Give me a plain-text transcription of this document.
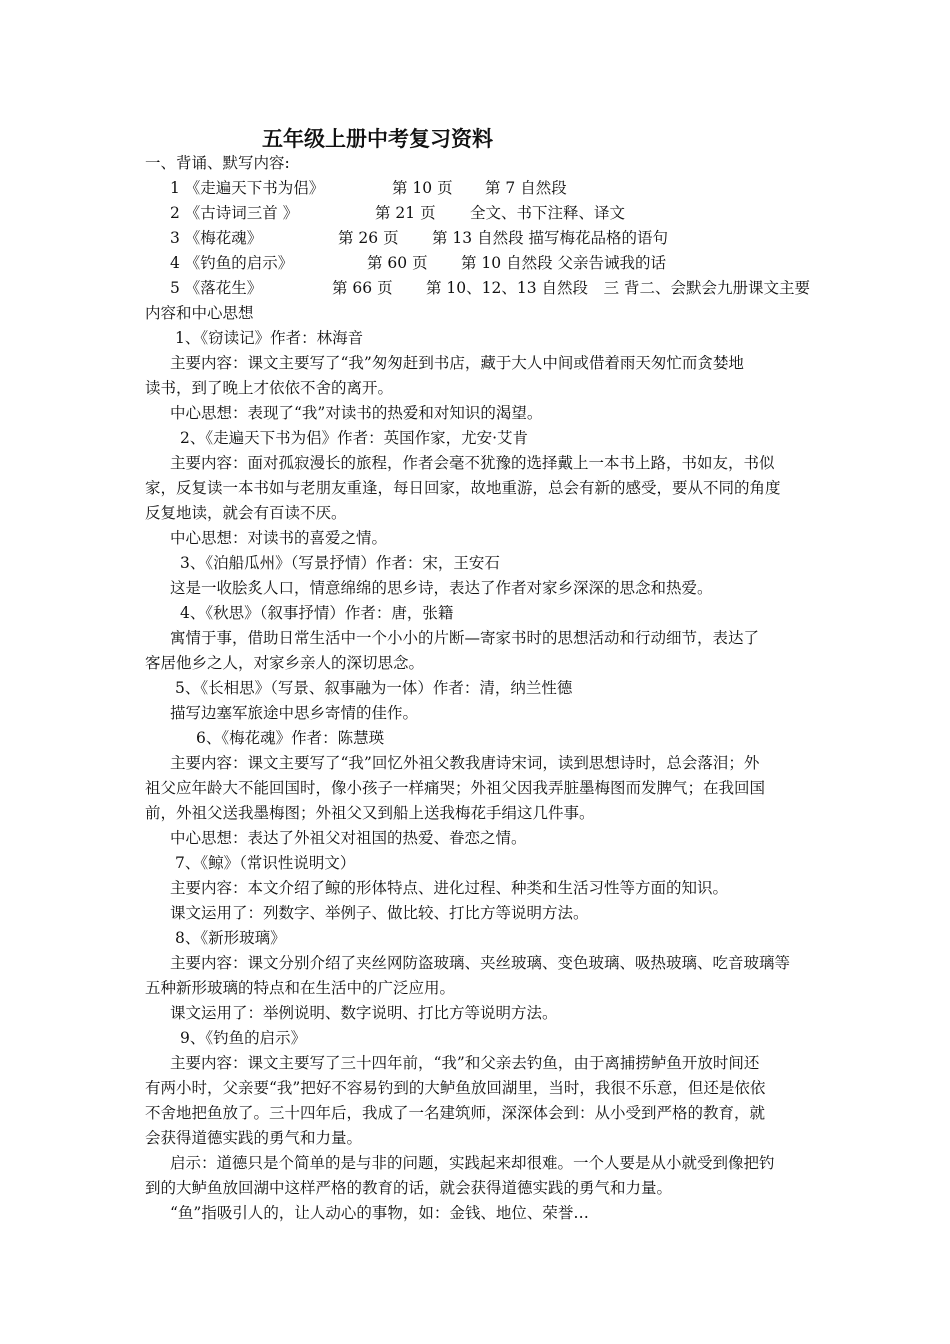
五年级上册中考复习资料
一、背诵、默写内容:
1 《走遍天下书为侣》	第 10 页 第 7 自然段
2 《古诗词三首 》	第 21 页 全文、书下注释、译文
3 《梅花魂》	第 26 页 第 13 自然段 描写梅花品格的语句
4 《钓鱼的启示》	第 60 页 第 10 自然段 父亲告诫我的话
5 《落花生》	第 66 页 第 10、12、13 自然段　三 背二、会默会九册课文主要
内容和中心思想
1、《窃读记》作者：林海音
主要内容：课文主要写了“我”匆匆赶到书店，藏于大人中间或借着雨天匆忙而贪婪地
读书，到了晚上才依依不舍的离开。
中心思想：表现了“我”对读书的热爱和对知识的渴望。
2、《走遍天下书为侣》作者：英国作家，尤安·艾肯
主要内容：面对孤寂漫长的旅程，作者会毫不犹豫的选择戴上一本书上路，书如友，书似
家，反复读一本书如与老朋友重逢，每日回家，故地重游，总会有新的感受，要从不同的角度
反复地读，就会有百读不厌。
中心思想：对读书的喜爱之情。
3、《泊船瓜州》（写景抒情）作者：宋，王安石
这是一收脍炙人口，情意绵绵的思乡诗，表达了作者对家乡深深的思念和热爱。
4、《秋思》（叙事抒情）作者：唐，张籍
寓情于事，借助日常生活中一个小小的片断—寄家书时的思想活动和行动细节，表达了
客居他乡之人，对家乡亲人的深切思念。
5、《长相思》（写景、叙事融为一体）作者：清，纳兰性德
描写边塞军旅途中思乡寄情的佳作。
6、《梅花魂》作者：陈慧瑛
主要内容：课文主要写了“我”回忆外祖父教我唐诗宋词，读到思想诗时，总会落泪；外
祖父应年龄大不能回国时，像小孩子一样痛哭；外祖父因我弄脏墨梅图而发脾气；在我回国
前，外祖父送我墨梅图；外祖父又到船上送我梅花手绢这几件事。
中心思想：表达了外祖父对祖国的热爱、眷恋之情。
7、《鲸》（常识性说明文）
主要内容：本文介绍了鲸的形体特点、进化过程、种类和生活习性等方面的知识。
课文运用了：列数字、举例子、做比较、打比方等说明方法。
8、《新形玻璃》
主要内容：课文分别介绍了夹丝网防盗玻璃、夹丝玻璃、变色玻璃、吸热玻璃、吃音玻璃等
五种新形玻璃的特点和在生活中的广泛应用。
课文运用了：举例说明、数字说明、打比方等说明方法。
9、《钓鱼的启示》
主要内容：课文主要写了三十四年前，“我”和父亲去钓鱼，由于离捕捞鲈鱼开放时间还
有两小时，父亲要“我”把好不容易钓到的大鲈鱼放回湖里，当时，我很不乐意，但还是依依
不舍地把鱼放了。三十四年后，我成了一名建筑师，深深体会到：从小受到严格的教育，就
会获得道德实践的勇气和力量。
启示：道德只是个简单的是与非的问题，实践起来却很难。一个人要是从小就受到像把钓
到的大鲈鱼放回湖中这样严格的教育的话，就会获得道德实践的勇气和力量。
“鱼”指吸引人的，让人动心的事物，如：金钱、地位、荣誉…
